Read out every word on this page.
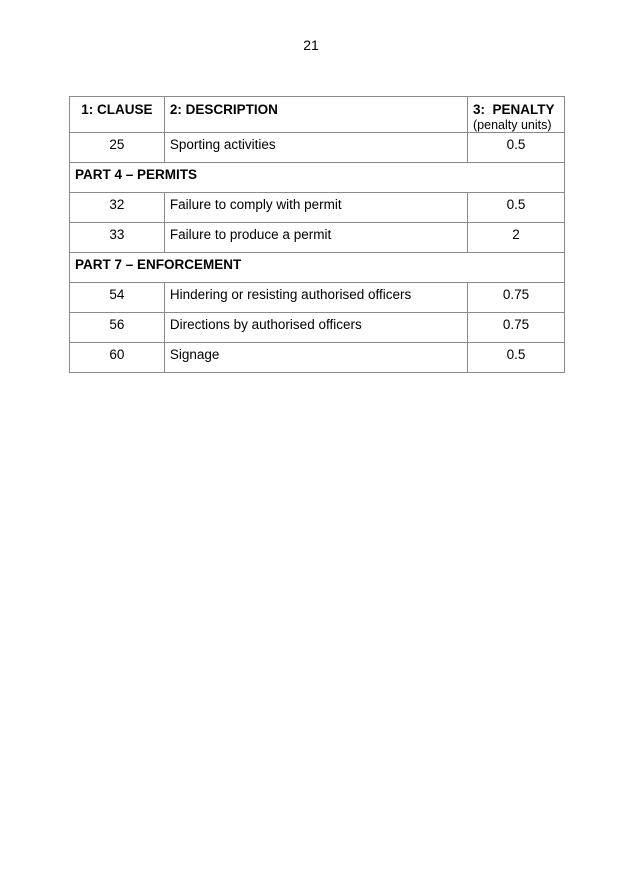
21
1: CLAUSE	2: DESCRIPTION	3:  PENALTY
(penalty units)

25	Sporting activities	0.5
PART 4 – PERMITS		
32	Failure to comply with permit	0.5
33	Failure to produce a permit	2
PART 7 – ENFORCEMENT		
54	Hindering or resisting authorised officers	0.75
56	Directions by authorised officers	0.75
60	Signage	0.5
